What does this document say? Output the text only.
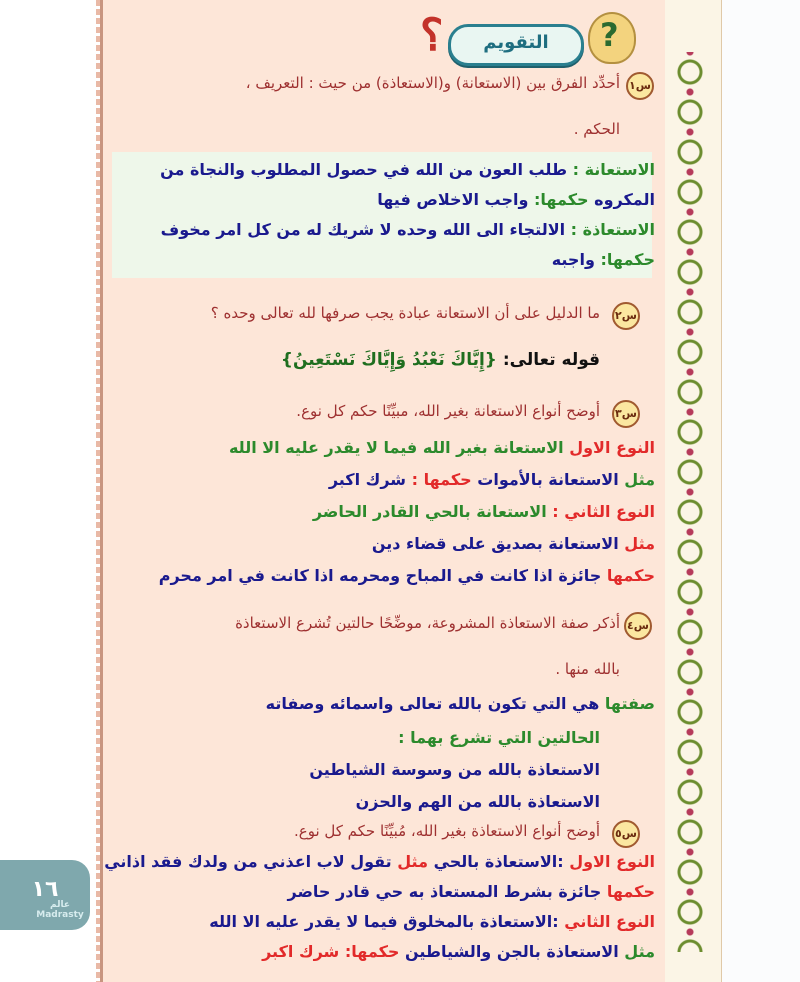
؟	التقويم	?
س١
أحدِّد الفرق بين (الاستعانة) و(الاستعاذة) من حيث : التعريف ،
الحكم .
الاستعانة : طلب العون من الله في حصول المطلوب والنجاة من
المكروه حكمها: واجب الاخلاص فيها
الاستعاذة : الالتجاء الى الله وحده لا شريك له من كل امر مخوف
حكمها: واجبه
س٢
ما الدليل على أن الاستعانة عبادة يجب صرفها لله تعالى وحده ؟
قوله تعالى: {إِيَّاكَ نَعْبُدُ وَإِيَّاكَ نَسْتَعِينُ}
س٣
أوضح أنواع الاستعانة بغير الله، مبيِّنًا حكم كل نوع.
النوع الاول الاستعانة بغير الله فيما لا يقدر عليه الا الله
مثل الاستعانة بالأموات حكمها : شرك اكبر
النوع الثاني : الاستعانة بالحي القادر الحاضر
مثل الاستعانة بصديق على قضاء دين
حكمها جائزة اذا كانت في المباح ومحرمه اذا كانت في امر محرم
س٤
أذكر صفة الاستعاذة المشروعة، موضِّحًا حالتين تُشرع الاستعاذة
بالله منها .
صفتها هي التي تكون بالله تعالى واسمائه وصفاته
الحالتين التي تشرع بهما :
الاستعاذة بالله من وسوسة الشياطين
الاستعاذة بالله من الهم والحزن
س٥
أوضح أنواع الاستعاذة بغير الله، مُبيِّنًا حكم كل نوع.
النوع الاول :الاستعاذة بالحي مثل تقول لاب اعذني من ولدك فقد اذاني
حكمها جائزة بشرط المستعاذ به حي قادر حاضر
النوع الثاني :الاستعاذة بالمخلوق فيما لا يقدر عليه الا الله
مثل الاستعاذة بالجن والشياطين حكمها: شرك اكبر
١٦
عالم Madrasty
